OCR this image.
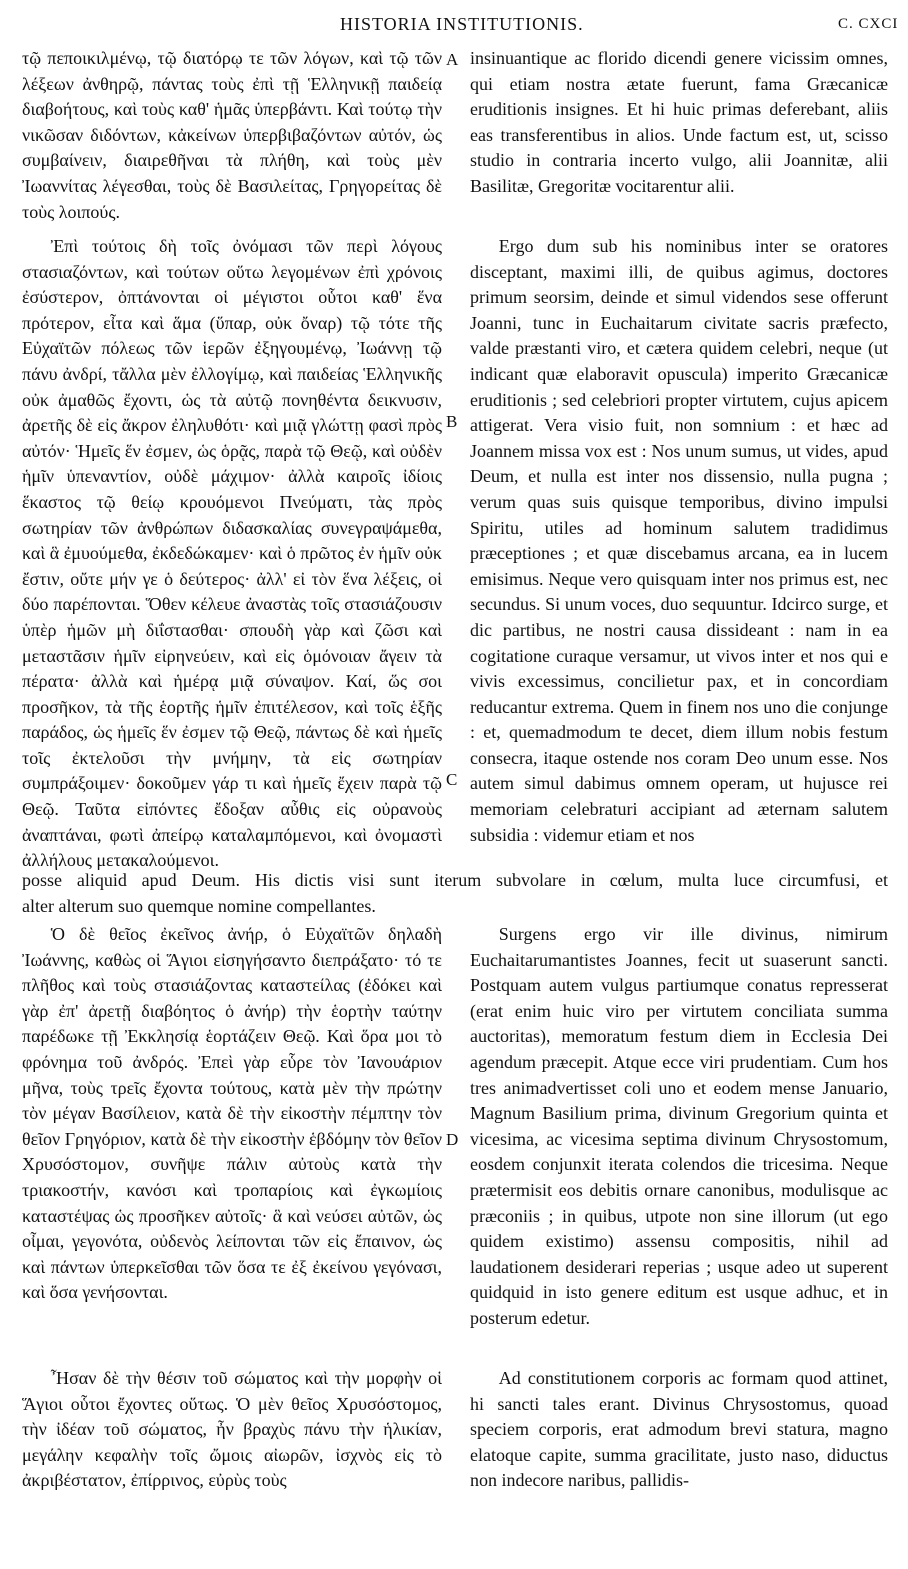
HISTORIA INSTITUTIONIS.	C. CXCI

τῷ πεποικιλμένῳ, τῷ διατόρῳ τε τῶν λόγων, καὶ τῷ τῶν λέξεων ἀνθηρῷ, πάντας τοὺς ἐπὶ τῇ Ἑλληνικῇ παιδείᾳ διαβοήτους, καὶ τοὺς καθ' ἡμᾶς ὑπερβάντι. Καὶ τούτῳ τὴν νικῶσαν διδόντων, κἀκείνων ὑπερβιβαζόντων αὐτόν, ὡς συμβαίνειν, διαιρεθῆναι τὰ πλήθη, καὶ τοὺς μὲν Ἰωαννίτας λέγεσθαι, τοὺς δὲ Βασιλείτας, Γρηγορείτας δὲ τοὺς λοιπούς.

insinuantique ac florido dicendi genere vicissim omnes, qui etiam nostra ætate fuerunt, fama Græcanicæ eruditionis insignes. Et hi huic primas deferebant, aliis eas transferentibus in alios. Unde factum est, ut, scisso studio in contraria incerto vulgo, alii Joannitæ, alii Basilitæ, Gregoritæ vocitarentur alii.

Ἐπὶ τούτοις δὴ τοῖς ὀνόμασι τῶν περὶ λόγους στασιαζόντων, καὶ τούτων οὕτω λεγομένων ἐπὶ χρόνοις ἐσύστερον, ὀπτάνονται οἱ μέγιστοι οὗτοι καθ' ἕνα πρότερον, εἶτα καὶ ἅμα (ὕπαρ, οὐκ ὄναρ) τῷ τότε τῆς Εὐχαϊτῶν πόλεως τῶν ἱερῶν ἐξηγουμένῳ, Ἰωάννῃ τῷ πάνυ ἀνδρί, τἄλλα μὲν ἐλλογίμῳ, καὶ παιδείας Ἑλληνικῆς οὐκ ἀμαθῶς ἔχοντι, ὡς τὰ αὐτῷ πονηθέντα δεικνυσιν, ἀρετῆς δὲ εἰς ἄκρον ἐληλυθότι· καὶ μιᾷ γλώττῃ φασὶ πρὸς αὐτόν· Ἡμεῖς ἕν ἐσμεν, ὡς ὁρᾷς, παρὰ τῷ Θεῷ, καὶ οὐδὲν ἡμῖν ὑπεναντίον, οὐδὲ μάχιμον· ἀλλὰ καιροῖς ἰδίοις ἕκαστος τῷ θείῳ κρουόμενοι Πνεύματι, τὰς πρὸς σωτηρίαν τῶν ἀνθρώπων διδασκαλίας συνεγραψάμεθα, καὶ ἃ ἐμυούμεθα, ἐκδεδώκαμεν· καὶ ὁ πρῶτος ἐν ἡμῖν οὐκ ἔστιν, οὔτε μήν γε ὁ δεύτερος· ἀλλ' εἰ τὸν ἕνα λέξεις, οἱ δύο παρέπονται. Ὅθεν κέλευε ἀναστὰς τοῖς στασιάζουσιν ὑπὲρ ἡμῶν μὴ διΐστασθαι· σπουδὴ γὰρ καὶ ζῶσι καὶ μεταστᾶσιν ἡμῖν εἰρηνεύειν, καὶ εἰς ὁμόνοιαν ἄγειν τὰ πέρατα· ἀλλὰ καὶ ἡμέρᾳ μιᾷ σύναψον. Καί, ὥς σοι προσῆκον, τὰ τῆς ἑορτῆς ἡμῖν ἐπιτέλεσον, καὶ τοῖς ἑξῆς παράδος, ὡς ἡμεῖς ἕν ἐσμεν τῷ Θεῷ, πάντως δὲ καὶ ἡμεῖς τοῖς ἐκτελοῦσι τὴν μνήμην, τὰ εἰς σωτηρίαν συμπράξοιμεν· δοκοῦμεν γάρ τι καὶ ἡμεῖς ἔχειν παρὰ τῷ Θεῷ. Ταῦτα εἰπόντες ἔδοξαν αὖθις εἰς οὐρανοὺς ἀναπτάναι, φωτὶ ἀπείρῳ καταλαμπόμενοι, καὶ ὀνομαστὶ ἀλλήλους μετακαλούμενοι.

Ergo dum sub his nominibus inter se oratores disceptant, maximi illi, de quibus agimus, doctores primum seorsim, deinde et simul videndos sese offerunt Joanni, tunc in Euchaitarum civitate sacris præfecto, valde præstanti viro, et cætera quidem celebri, neque (ut indicant quæ elaboravit opuscula) imperito Græcanicæ eruditionis ; sed celebriori propter virtutem, cujus apicem attigerat. Vera visio fuit, non somnium : et hæc ad Joannem missa vox est : Nos unum sumus, ut vides, apud Deum, et nulla est inter nos dissensio, nulla pugna ; verum quas suis quisque temporibus, divino impulsi Spiritu, utiles ad hominum salutem tradidimus præceptiones ; et quæ discebamus arcana, ea in lucem emisimus. Neque vero quisquam inter nos primus est, nec secundus. Si unum voces, duo sequuntur. Idcirco surge, et dic partibus, ne nostri causa dissideant : nam in ea cogitatione curaque versamur, ut vivos inter et nos qui e vivis excessimus, concilietur pax, et in concordiam reducantur extrema. Quem in finem nos uno die conjunge : et, quemadmodum te decet, diem illum nobis festum consecra, itaque ostende nos coram Deo unum esse. Nos autem simul dabimus omnem operam, ut hujusce rei memoriam celebraturi accipiant ad æternam salutem subsidia : videmur etiam et nos

posse aliquid apud Deum. His dictis visi sunt iterum subvolare in cœlum, multa luce circumfusi, et
alter alterum suo quemque nomine compellantes.

Ὁ δὲ θεῖος ἐκεῖνος ἀνήρ, ὁ Εὐχαϊτῶν δηλαδὴ Ἰωάννης, καθὼς οἱ Ἅγιοι εἰσηγήσαντο διεπράξατο· τό τε πλῆθος καὶ τοὺς στασιάζοντας καταστείλας (ἐδόκει καὶ γὰρ ἐπ' ἀρετῇ διαβόητος ὁ ἀνήρ) τὴν ἑορτὴν ταύτην παρέδωκε τῇ Ἐκκλησίᾳ ἑορτάζειν Θεῷ. Καὶ ὅρα μοι τὸ φρόνημα τοῦ ἀνδρός. Ἐπεὶ γὰρ εὗρε τὸν Ἰανουάριον μῆνα, τοὺς τρεῖς ἔχοντα τούτους, κατὰ μὲν τὴν πρώτην τὸν μέγαν Βασίλειον, κατὰ δὲ τὴν εἰκοστὴν πέμπτην τὸν θεῖον Γρηγόριον, κατὰ δὲ τὴν εἰκοστὴν ἑβδόμην τὸν θεῖον Χρυσόστομον, συνῆψε πάλιν αὐτοὺς κατὰ τὴν τριακοστήν, κανόσι καὶ τροπαρίοις καὶ ἐγκωμίοις καταστέψας ὡς προσῆκεν αὐτοῖς· ἃ καὶ νεύσει αὐτῶν, ὡς οἶμαι, γεγονότα, οὐδενὸς λείπονται τῶν εἰς ἔπαινον, ὡς καὶ πάντων ὑπερκεῖσθαι τῶν ὅσα τε ἐξ ἐκείνου γεγόνασι, καὶ ὅσα γενήσονται.

Surgens ergo vir ille divinus, nimirum Euchaitarumantistes Joannes, fecit ut suaserunt sancti. Postquam autem vulgus partiumque conatus represserat (erat enim huic viro per virtutem conciliata summa auctoritas), memoratum festum diem in Ecclesia Dei agendum præcepit. Atque ecce viri prudentiam. Cum hos tres animadvertisset coli uno et eodem mense Januario, Magnum Basilium prima, divinum Gregorium quinta et vicesima, ac vicesima septima divinum Chrysostomum, eosdem conjunxit iterata colendos die tricesima. Neque prætermisit eos debitis ornare canonibus, modulisque ac præconiis ; in quibus, utpote non sine illorum (ut ego quidem existimo) assensu compositis, nihil ad laudationem desiderari reperias ; usque adeo ut superent quidquid in isto genere editum est usque adhuc, et in posterum edetur.

Ἦσαν δὲ τὴν θέσιν τοῦ σώματος καὶ τὴν μορφὴν οἱ Ἅγιοι οὗτοι ἔχοντες οὕτως. Ὁ μὲν θεῖος Χρυσόστομος, τὴν ἰδέαν τοῦ σώματος, ἦν βραχὺς πάνυ τὴν ἡλικίαν, μεγάλην κεφαλὴν τοῖς ὤμοις αἰωρῶν, ἰσχνὸς εἰς τὸ ἀκριβέστατον, ἐπίρρινος, εὐρὺς τοὺς

Ad constitutionem corporis ac formam quod attinet, hi sancti tales erant. Divinus Chrysostomus, quoad speciem corporis, erat admodum brevi statura, magno elatoque capite, summa gracilitate, justo naso, diductus non indecore naribus, pallidis-

A
B
C
D
